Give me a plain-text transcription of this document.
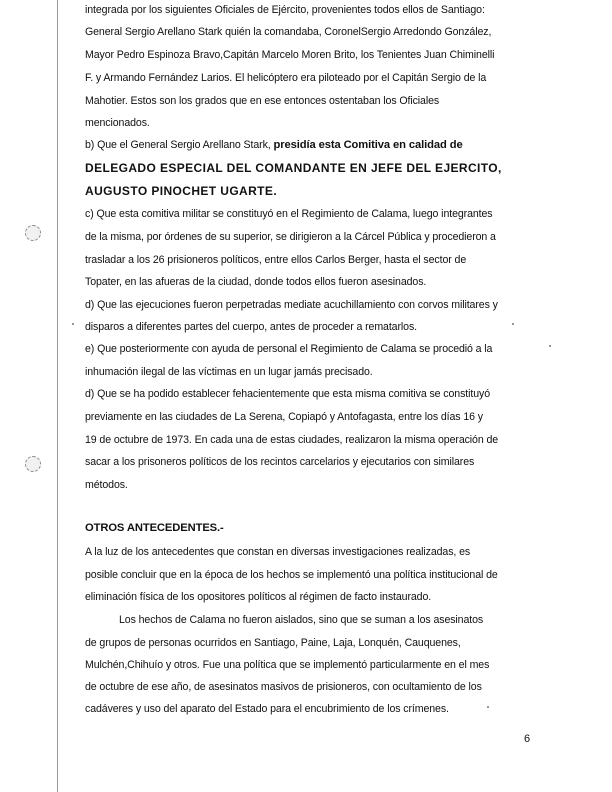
integrada por los siguientes Oficiales de Ejército, provenientes todos ellos de Santiago:
General Sergio Arellano Stark quién la comandaba, CoronelSergio Arredondo González,
Mayor Pedro Espinoza Bravo,Capitán Marcelo Moren Brito, los Tenientes Juan Chiminelli
F. y Armando Fernández Larios. El helicóptero era piloteado por el Capitán Sergio de la
Mahotier. Estos son los grados que en ese entonces ostentaban los Oficiales
mencionados.
b) Que el General Sergio Arellano Stark, presidía esta Comitiva en calidad de
DELEGADO ESPECIAL DEL COMANDANTE EN JEFE DEL EJERCITO,
AUGUSTO PINOCHET UGARTE.
c) Que esta comitiva militar se constituyó en el Regimiento de Calama, luego integrantes
de la misma, por órdenes de su superior, se dirigieron a la Cárcel Pública y procedieron a
trasladar a los 26 prisioneros políticos, entre ellos Carlos Berger, hasta el sector de
Topater, en las afueras de la ciudad, donde todos ellos fueron asesinados.
d) Que las ejecuciones fueron perpetradas mediate acuchillamiento con corvos militares y
disparos a diferentes partes del cuerpo, antes de proceder a rematarlos.
e) Que posteriormente con ayuda de personal el Regimiento de Calama se procedió a la
inhumación ilegal de las víctimas en un lugar jamás precisado.
d) Que se ha podido establecer fehacientemente que esta misma comitiva se constituyó
previamente en las ciudades de La Serena, Copiapó y Antofagasta, entre los días 16 y
19 de octubre de 1973. En cada una de estas ciudades, realizaron la misma operación de
sacar a los prisoneros políticos de los recintos carcelarios y ejecutarios con similares
métodos.
OTROS ANTECEDENTES.-
A la luz de los antecedentes que constan en diversas investigaciones realizadas, es
posible concluir que en la época de los hechos se implementó una política institucional de
eliminación física de los opositores políticos al régimen de facto instaurado.
Los hechos de Calama no fueron aislados, sino que se suman a los asesinatos
de grupos de personas ocurridos en Santiago, Paine, Laja, Lonquén, Cauquenes,
Mulchén,Chihuío y otros. Fue una política que se implementó particularmente en el mes
de octubre de ese año, de asesinatos masivos de prisioneros, con ocultamiento de los
cadáveres y uso del aparato del Estado para el encubrimiento de los crímenes.
6
